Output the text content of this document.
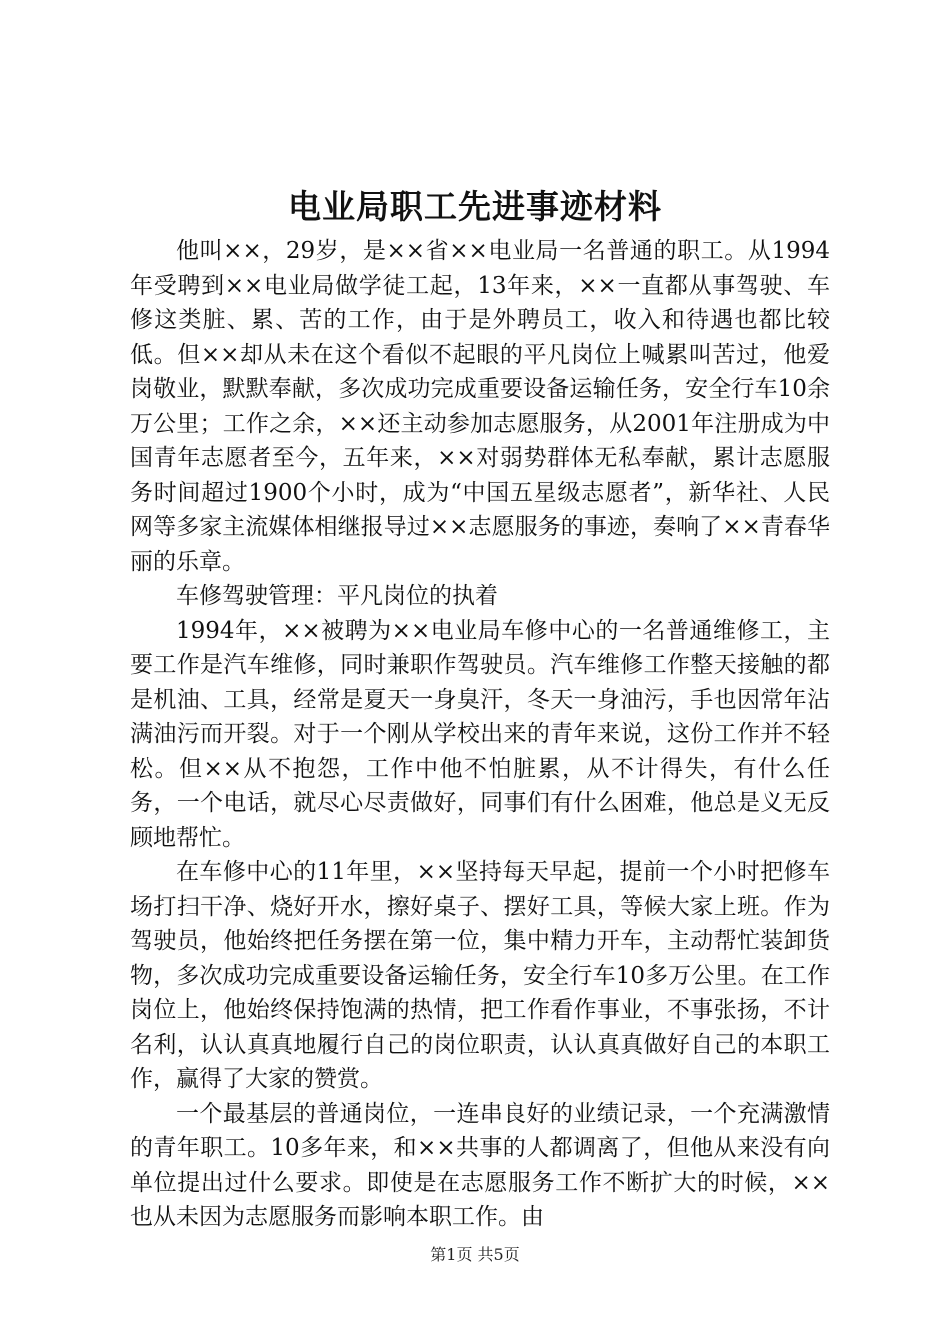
电业局职工先进事迹材料

他叫××，29岁，是××省××电业局一名普通的职工。从1994年受聘到××电业局做学徒工起，13年来，××一直都从事驾驶、车修这类脏、累、苦的工作，由于是外聘员工，收入和待遇也都比较低。但××却从未在这个看似不起眼的平凡岗位上喊累叫苦过，他爱岗敬业，默默奉献，多次成功完成重要设备运输任务，安全行车10余万公里；工作之余，××还主动参加志愿服务，从2001年注册成为中国青年志愿者至今，五年来，××对弱势群体无私奉献，累计志愿服务时间超过1900个小时，成为“中国五星级志愿者”，新华社、人民网等多家主流媒体相继报导过××志愿服务的事迹，奏响了××青春华丽的乐章。

车修驾驶管理：平凡岗位的执着

1994年，××被聘为××电业局车修中心的一名普通维修工，主要工作是汽车维修，同时兼职作驾驶员。汽车维修工作整天接触的都是机油、工具，经常是夏天一身臭汗，冬天一身油污，手也因常年沾满油污而开裂。对于一个刚从学校出来的青年来说，这份工作并不轻松。但××从不抱怨，工作中他不怕脏累，从不计得失，有什么任务，一个电话，就尽心尽责做好，同事们有什么困难，他总是义无反顾地帮忙。

在车修中心的11年里，××坚持每天早起，提前一个小时把修车场打扫干净、烧好开水，擦好桌子、摆好工具，等候大家上班。作为驾驶员，他始终把任务摆在第一位，集中精力开车，主动帮忙装卸货物，多次成功完成重要设备运输任务，安全行车10多万公里。在工作岗位上，他始终保持饱满的热情，把工作看作事业，不事张扬，不计名利，认认真真地履行自己的岗位职责，认认真真做好自己的本职工作，赢得了大家的赞赏。

一个最基层的普通岗位，一连串良好的业绩记录，一个充满激情的青年职工。10多年来，和××共事的人都调离了，但他从来没有向单位提出过什么要求。即使是在志愿服务工作不断扩大的时候，××也从未因为志愿服务而影响本职工作。由

第1页 共5页
